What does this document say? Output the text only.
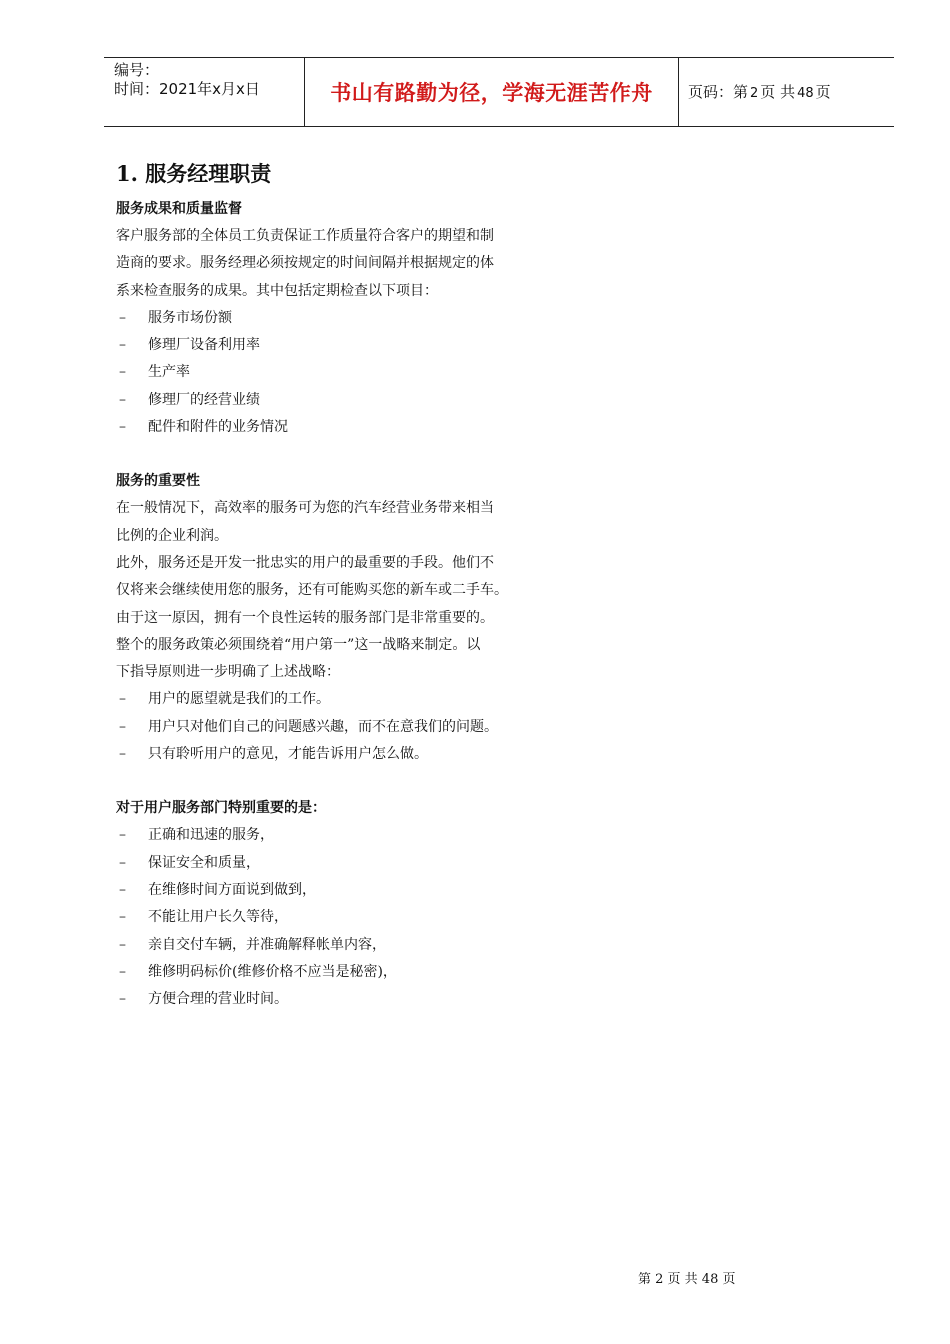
编号：
时间：2021年x月x日	书山有路勤为径，学海无涯苦作舟	页码：第 2 页 共 48 页
1. 服务经理职责
服务成果和质量监督
客户服务部的全体员工负责保证工作质量符合客户的期望和制
造商的要求。服务经理必须按规定的时间间隔并根据规定的体
系来检查服务的成果。其中包括定期检查以下项目：
–	服务市场份额
–	修理厂设备利用率
–	生产率
–	修理厂的经营业绩
–	配件和附件的业务情况
服务的重要性
在一般情况下，高效率的服务可为您的汽车经营业务带来相当
比例的企业利润。
此外，服务还是开发一批忠实的用户的最重要的手段。他们不
仅将来会继续使用您的服务，还有可能购买您的新车或二手车。
由于这一原因，拥有一个良性运转的服务部门是非常重要的。
整个的服务政策必须围绕着“用户第一”这一战略来制定。以
下指导原则进一步明确了上述战略：
–	用户的愿望就是我们的工作。
–	用户只对他们自己的问题感兴趣，而不在意我们的问题。
–	只有聆听用户的意见，才能告诉用户怎么做。
对于用户服务部门特别重要的是：
–	正确和迅速的服务，
–	保证安全和质量，
–	在维修时间方面说到做到，
–	不能让用户长久等待，
–	亲自交付车辆，并准确解释帐单内容，
–	维修明码标价(维修价格不应当是秘密)，
–	方便合理的营业时间。
第 2 页 共 48 页
